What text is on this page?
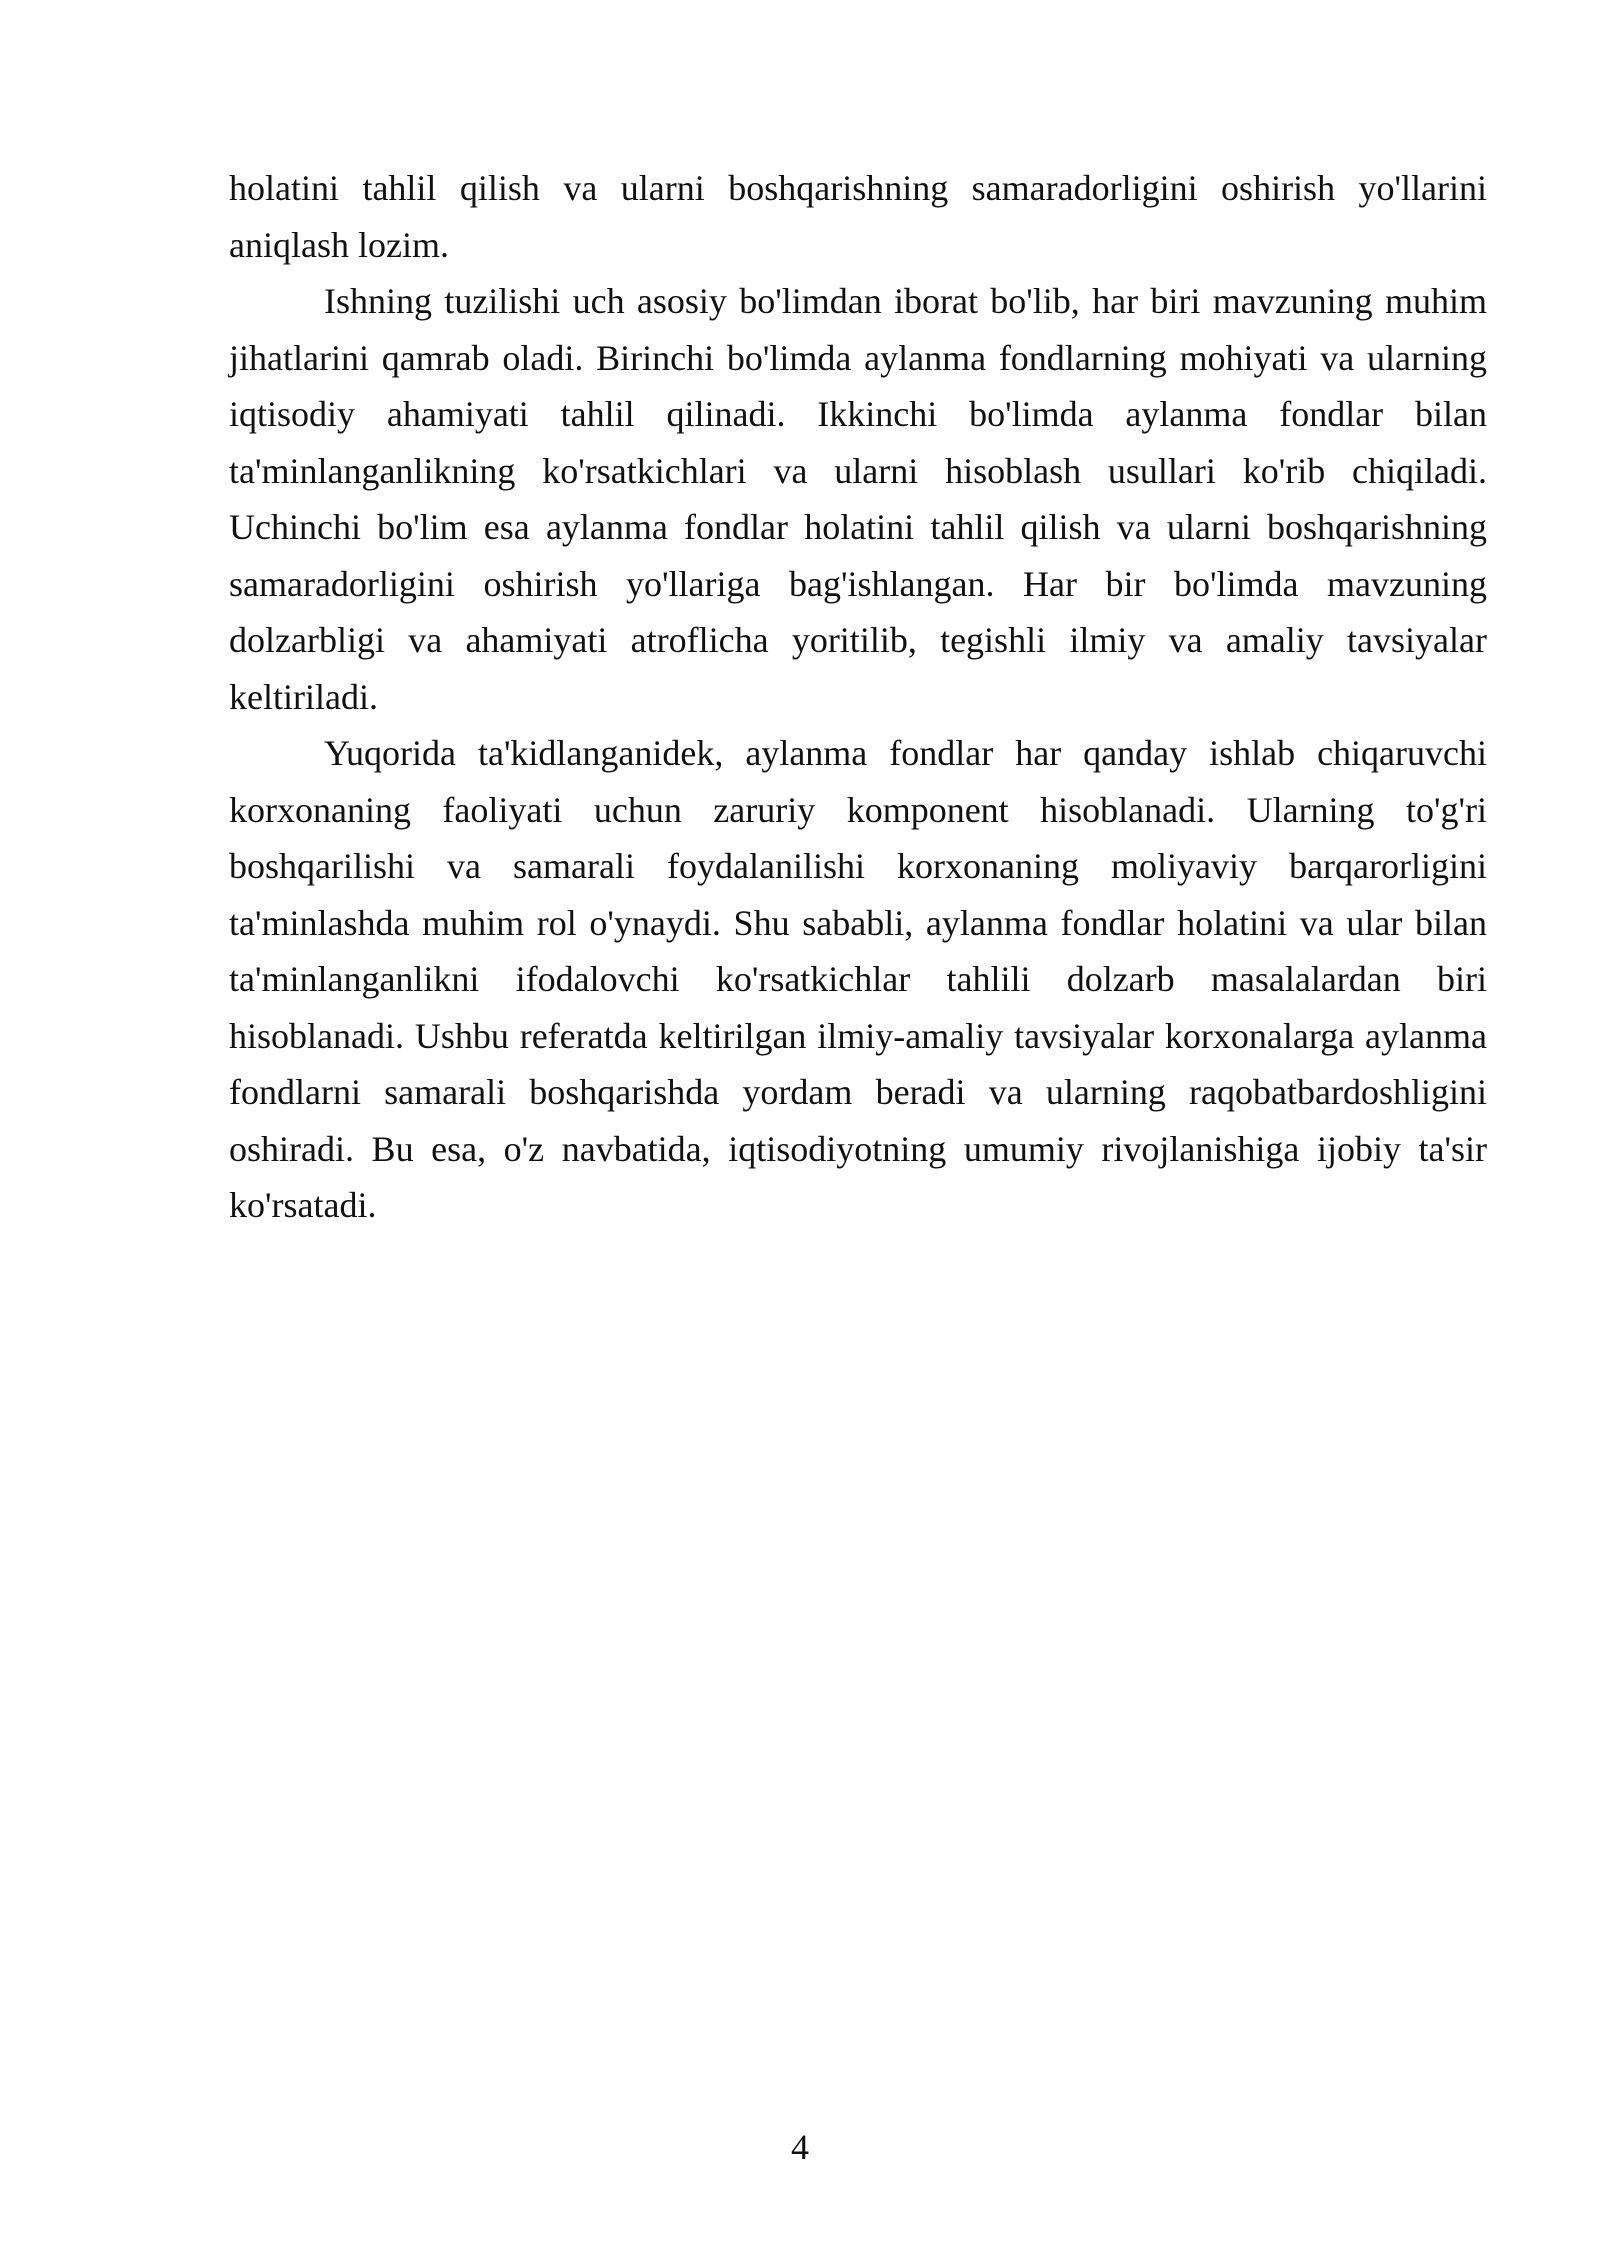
holatini tahlil qilish va ularni boshqarishning samaradorligini oshirish yo'llarini aniqlash lozim.

Ishning tuzilishi uch asosiy bo'limdan iborat bo'lib, har biri mavzuning muhim jihatlarini qamrab oladi. Birinchi bo'limda aylanma fondlarning mohiyati va ularning iqtisodiy ahamiyati tahlil qilinadi. Ikkinchi bo'limda aylanma fondlar bilan ta'minlanganlikning ko'rsatkichlari va ularni hisoblash usullari ko'rib chiqiladi. Uchinchi bo'lim esa aylanma fondlar holatini tahlil qilish va ularni boshqarishning samaradorligini oshirish yo'llariga bag'ishlangan. Har bir bo'limda mavzuning dolzarbligi va ahamiyati atroflicha yoritilib, tegishli ilmiy va amaliy tavsiyalar keltiriladi.

Yuqorida ta'kidlanganidek, aylanma fondlar har qanday ishlab chiqaruvchi korxonaning faoliyati uchun zaruriy komponent hisoblanadi. Ularning to'g'ri boshqarilishi va samarali foydalanilishi korxonaning moliyaviy barqarorligini ta'minlashda muhim rol o'ynaydi. Shu sababli, aylanma fondlar holatini va ular bilan ta'minlanganlikni ifodalovchi ko'rsatkichlar tahlili dolzarb masalalardan biri hisoblanadi. Ushbu referatda keltirilgan ilmiy-amaliy tavsiyalar korxonalarga aylanma fondlarni samarali boshqarishda yordam beradi va ularning raqobatbardoshligini oshiradi. Bu esa, o'z navbatida, iqtisodiyotning umumiy rivojlanishiga ijobiy ta'sir ko'rsatadi.

4
